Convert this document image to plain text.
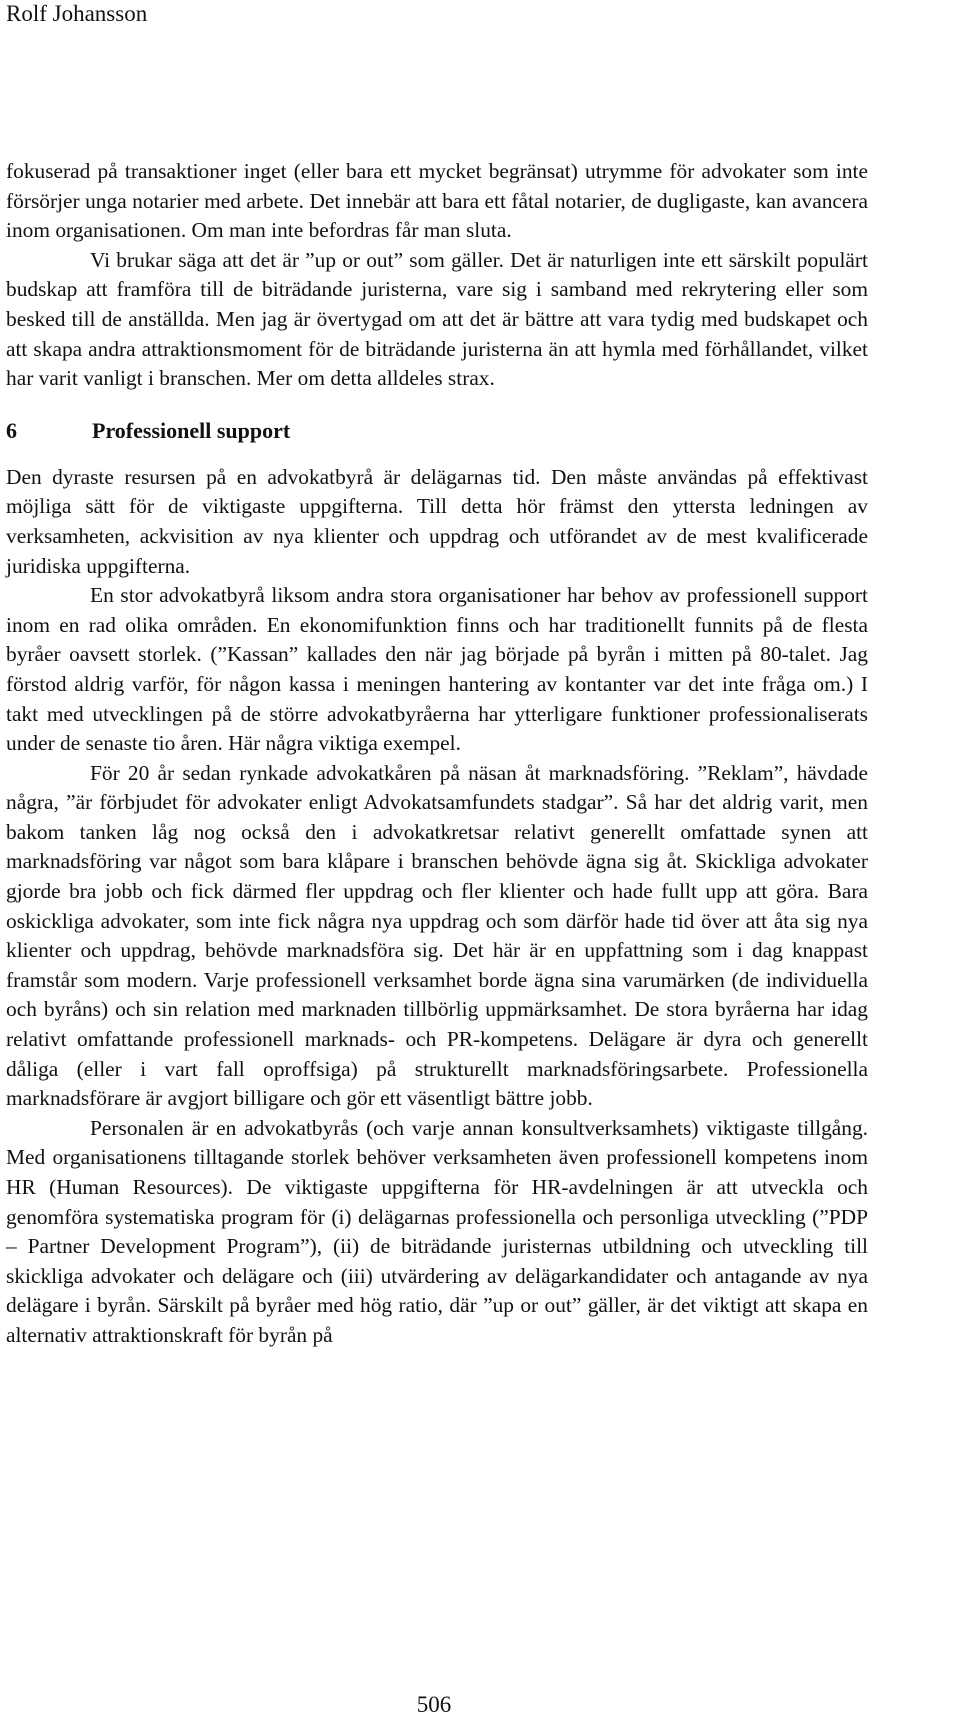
Rolf Johansson

fokuserad på transaktioner inget (eller bara ett mycket begränsat) utrymme för advokater som inte försörjer unga notarier med arbete. Det innebär att bara ett fåtal notarier, de dugligaste, kan avancera inom organisationen. Om man inte befordras får man sluta.

Vi brukar säga att det är ”up or out” som gäller. Det är naturligen inte ett särskilt populärt budskap att framföra till de biträdande juristerna, vare sig i samband med rekrytering eller som besked till de anställda. Men jag är övertygad om att det är bättre att vara tydig med budskapet och att skapa andra attraktionsmoment för de biträdande juristerna än att hymla med förhållandet, vilket har varit vanligt i branschen. Mer om detta alldeles strax.

6	Professionell support

Den dyraste resursen på en advokatbyrå är delägarnas tid. Den måste användas på effektivast möjliga sätt för de viktigaste uppgifterna. Till detta hör främst den yttersta ledningen av verksamheten, ackvisition av nya klienter och uppdrag och utförandet av de mest kvalificerade juridiska uppgifterna.

En stor advokatbyrå liksom andra stora organisationer har behov av professionell support inom en rad olika områden. En ekonomifunktion finns och har traditionellt funnits på de flesta byråer oavsett storlek. (”Kassan” kallades den när jag började på byrån i mitten på 80-talet. Jag förstod aldrig varför, för någon kassa i meningen hantering av kontanter var det inte fråga om.) I takt med utvecklingen på de större advokatbyråerna har ytterligare funktioner professionaliserats under de senaste tio åren. Här några viktiga exempel.

För 20 år sedan rynkade advokatkåren på näsan åt marknadsföring. ”Reklam”, hävdade några, ”är förbjudet för advokater enligt Advokatsamfundets stadgar”. Så har det aldrig varit, men bakom tanken låg nog också den i advokatkretsar relativt generellt omfattade synen att marknadsföring var något som bara klåpare i branschen behövde ägna sig åt. Skickliga advokater gjorde bra jobb och fick därmed fler uppdrag och fler klienter och hade fullt upp att göra. Bara oskickliga advokater, som inte fick några nya uppdrag och som därför hade tid över att åta sig nya klienter och uppdrag, behövde marknadsföra sig. Det här är en uppfattning som i dag knappast framstår som modern. Varje professionell verksamhet borde ägna sina varumärken (de individuella och byråns) och sin relation med marknaden tillbörlig uppmärksamhet. De stora byråerna har idag relativt omfattande professionell marknads- och PR-kompetens. Delägare är dyra och generellt dåliga (eller i vart fall oproffsiga) på strukturellt marknadsföringsarbete. Professionella marknadsförare är avgjort billigare och gör ett väsentligt bättre jobb.

Personalen är en advokatbyrås (och varje annan konsultverksamhets) viktigaste tillgång. Med organisationens tilltagande storlek behöver verksamheten även professionell kompetens inom HR (Human Resources). De viktigaste uppgifterna för HR-avdelningen är att utveckla och genomföra systematiska program för (i) delägarnas professionella och personliga utveckling (”PDP – Partner Development Program”), (ii) de biträdande juristernas utbildning och utveckling till skickliga advokater och delägare och (iii) utvärdering av delägarkandidater och antagande av nya delägare i byrån. Särskilt på byråer med hög ratio, där ”up or out” gäller, är det viktigt att skapa en alternativ attraktionskraft för byrån på

506
